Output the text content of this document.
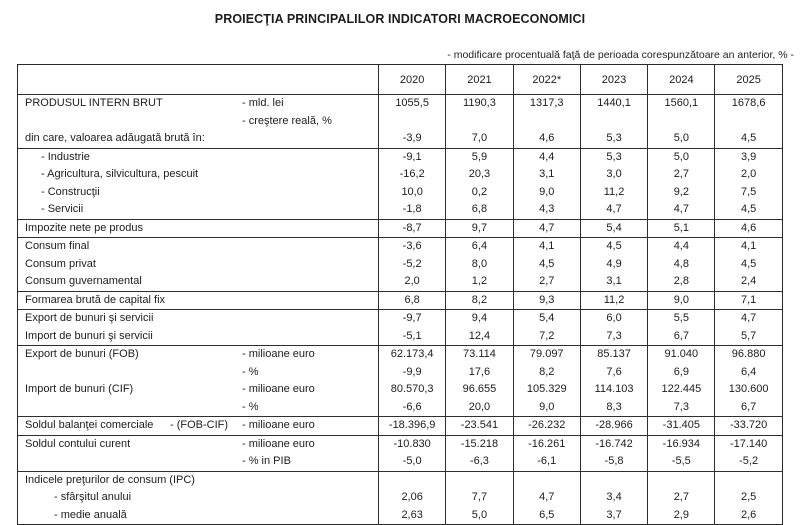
PROIECŢIA PRINCIPALILOR INDICATORI MACROECONOMICI
- modificare procentuală faţă de perioada corespunzătoare an anterior, % -
	2020	2021	2022*	2023	2024	2025
PRODUSUL INTERN BRUT - mld. lei	1055,5	1190,3	1317,3	1440,1	1560,1	1678,6

- creştere reală, %						

din care, valoarea adăugată brută în:	-3,9	7,0	4,6	5,3	5,0	4,5
- Industrie	-9,1	5,9	4,4	5,3	5,0	3,9
- Agricultura, silvicultura, pescuit	-16,2	20,3	3,1	3,0	2,7	2,0
- Construcţii	10,0	0,2	9,0	11,2	9,2	7,5
- Servicii	-1,8	6,8	4,3	4,7	4,7	4,5
Impozite nete pe produs	-8,7	9,7	4,7	5,4	5,1	4,6
Consum final	-3,6	6,4	4,1	4,5	4,4	4,1
Consum privat	-5,2	8,0	4,5	4,9	4,8	4,5
Consum guvernamental	2,0	1,2	2,7	3,1	2,8	2,4
Formarea brută de capital fix	6,8	8,2	9,3	11,2	9,0	7,1
Export de bunuri şi servicii	-9,7	9,4	5,4	6,0	5,5	4,7
Import de bunuri şi servicii	-5,1	12,4	7,2	7,3	6,7	5,7
Export de bunuri (FOB) - milioane euro	62.173,4	73.114	79.097	85.137	91.040	96.880

- %	-9,9	17,6	8,2	7,6	6,9	6,4
Import de bunuri (CIF) - milioane euro	80.570,3	96.655	105.329	114.103	122.445	130.600

- %	-6,6	20,0	9,0	8,3	7,3	6,7
Soldul balanţei comerciale - (FOB-CIF) - milioane euro	-18.396,9	-23.541	-26.232	-28.966	-31.405	-33.720
Soldul contului curent - milioane euro	-10.830	-15.218	-16.261	-16.742	-16.934	-17.140

- % in PIB	-5,0	-6,3	-6,1	-5,8	-5,5	-5,2
Indicele preţurilor de consum (IPC)						
- sfârşitul anului	2,06	7,7	4,7	3,4	2,7	2,5
- medie anuală	2,63	5,0	6,5	3,7	2,9	2,6
